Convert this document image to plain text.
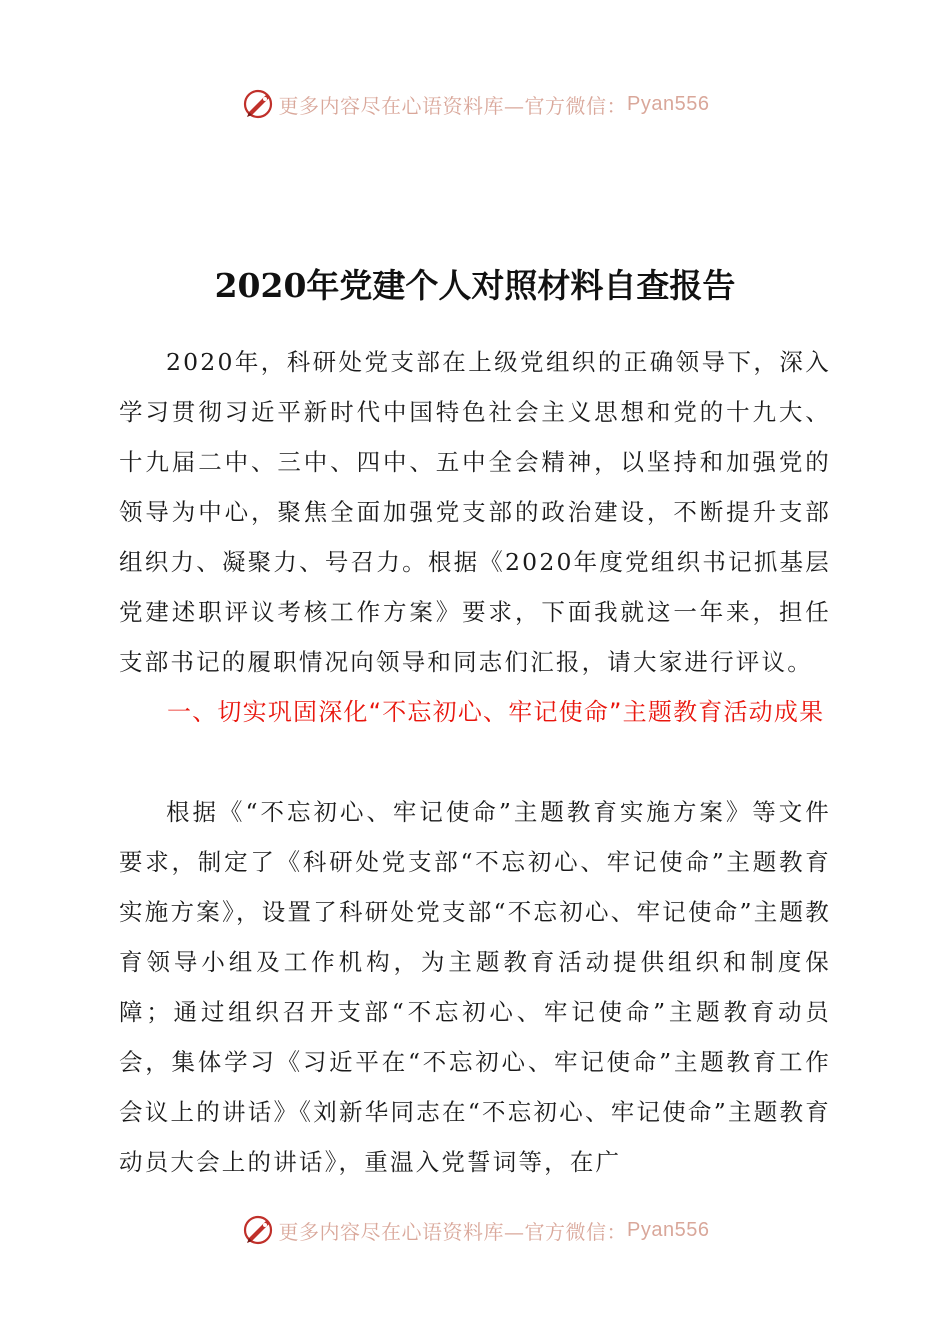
更多内容尽在心语资料库—官方微信： Pyan556
2020年党建个人对照材料自查报告

2020年，科研处党支部在上级党组织的正确领导下，深入学习贯彻习近平新时代中国特色社会主义思想和党的十九大、十九届二中、三中、四中、五中全会精神，以坚持和加强党的领导为中心，聚焦全面加强党支部的政治建设，不断提升支部组织力、凝聚力、号召力。根据《2020年度党组织书记抓基层党建述职评议考核工作方案》要求，下面我就这一年来，担任支部书记的履职情况向领导和同志们汇报，请大家进行评议。

一、切实巩固深化“不忘初心、牢记使命”主题教育活动成果

根据《“不忘初心、牢记使命”主题教育实施方案》等文件要求，制定了《科研处党支部“不忘初心、牢记使命”主题教育实施方案》，设置了科研处党支部“不忘初心、牢记使命”主题教育领导小组及工作机构，为主题教育活动提供组织和制度保障；通过组织召开支部“不忘初心、牢记使命”主题教育动员会，集体学习《习近平在“不忘初心、牢记使命”主题教育工作会议上的讲话》《刘新华同志在“不忘初心、牢记使命”主题教育动员大会上的讲话》，重温入党誓词等，在广

更多内容尽在心语资料库—官方微信： Pyan556
